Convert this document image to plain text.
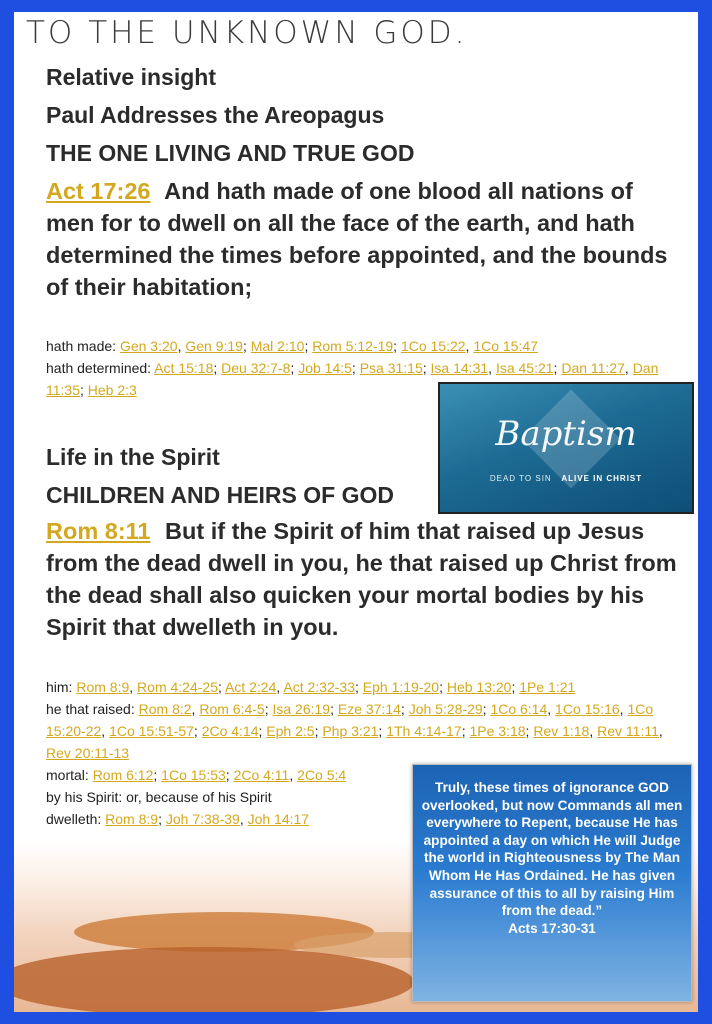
TO THE UNKNOWN GOD.
Relative insight
Paul Addresses the Areopagus
THE ONE LIVING AND TRUE GOD
Act 17:26 And hath made of one blood all nations of men for to dwell on all the face of the earth, and hath determined the times before appointed, and the bounds of their habitation;
hath made: Gen 3:20, Gen 9:19; Mal 2:10; Rom 5:12-19; 1Co 15:22, 1Co 15:47
hath determined: Act 15:18; Deu 32:7-8; Job 14:5; Psa 31:15; Isa 14:31, Isa 45:21; Dan 11:27, Dan 11:35; Heb 2:3
Baptism
DEAD TO SIN ALIVE IN CHRIST
Life in the Spirit
CHILDREN AND HEIRS OF GOD
Rom 8:11 But if the Spirit of him that raised up Jesus from the dead dwell in you, he that raised up Christ from the dead shall also quicken your mortal bodies by his Spirit that dwelleth in you.
him: Rom 8:9, Rom 4:24-25; Act 2:24, Act 2:32-33; Eph 1:19-20; Heb 13:20; 1Pe 1:21
he that raised: Rom 8:2, Rom 6:4-5; Isa 26:19; Eze 37:14; Joh 5:28-29; 1Co 6:14, 1Co 15:16, 1Co 15:20-22, 1Co 15:51-57; 2Co 4:14; Eph 2:5; Php 3:21; 1Th 4:14-17; 1Pe 3:18; Rev 1:18, Rev 11:11, Rev 20:11-13
mortal: Rom 6:12; 1Co 15:53; 2Co 4:11, 2Co 5:4
by his Spirit: or, because of his Spirit
dwelleth: Rom 8:9; Joh 7:38-39, Joh 14:17

Truly, these times of ignorance GOD overlooked, but now Commands all men everywhere to Repent, because He has appointed a day on which He will Judge the world in Righteousness by The Man Whom He Has Ordained. He has given assurance of this to all by raising Him from the dead.”
Acts 17:30-31
